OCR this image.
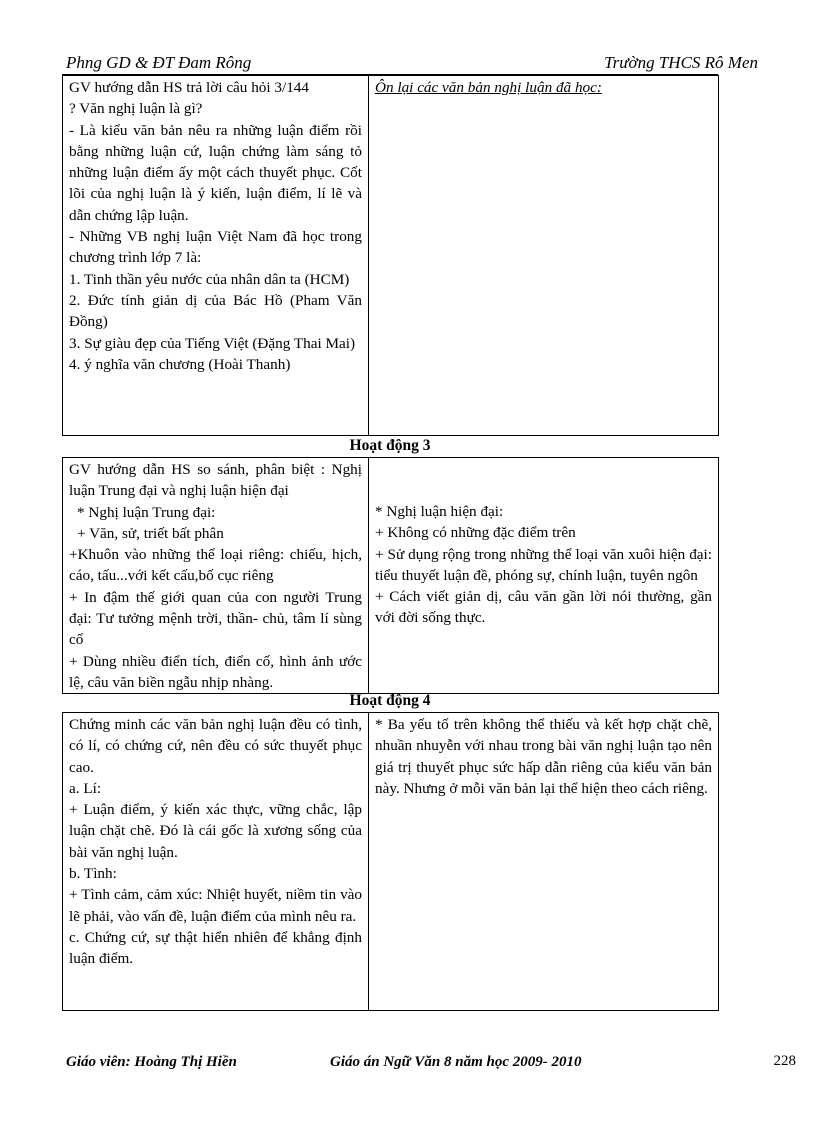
Phng GD & ĐT Đam Rông	Trường THCS Rô Men
GV hướng dẫn HS trả lời câu hỏi 3/144
? Văn nghị luận là gì?
- Là kiểu văn bản nêu ra những luận điểm rồi bằng những luận cứ, luận chứng làm sáng tỏ những luận điểm ấy một cách thuyết phục. Cốt lõi của nghị luận là ý kiến, luận điểm, lí lẽ và dẫn chứng lập luận.
- Những VB nghị luận Việt Nam đã học trong chương trình lớp 7 là:
1. Tinh thần yêu nước của nhân dân ta (HCM)
2. Đức tính giản dị của Bác Hồ (Pham Văn Đồng)
3. Sự giàu đẹp của Tiếng Việt (Đặng Thai Mai)
4. ý nghĩa văn chương (Hoài Thanh)

Ôn lại các văn bản nghị luận đã học:
Hoạt động 3
GV hướng dẫn HS so sánh, phân biệt : Nghị luận Trung đại và nghị luận hiện đại
* Nghị luận Trung đại:
+ Văn, sử, triết bất phân
+Khuôn vào những thể loại riêng: chiếu, hịch, cáo, tấu...với kết cấu,bố cục riêng
+ In đậm thế giới quan của con người Trung đại: Tư tưởng mệnh trời, thần- chủ, tâm lí sùng cổ
+ Dùng nhiều điển tích, điển cố, hình ảnh ước lệ, câu văn biền ngẫu nhịp nhàng.

* Nghị luận hiện đại:
+ Không có những đặc điểm trên
+ Sử dụng rộng trong những thể loại văn xuôi hiện đại: tiểu thuyết luận đề, phóng sự, chính luận, tuyên ngôn
+ Cách viết giản dị, câu văn gần lời nói thường, gần với đời sống thực.
Hoạt động 4
Chứng minh các văn bản nghị luận đều có tình, có lí, có chứng cứ, nên đều có sức thuyết phục cao.
a. Lí:
+ Luận điểm, ý kiến xác thực, vững chắc, lập luận chặt chẽ. Đó là cái gốc là xương sống của bài văn nghị luận.
b. Tình:
+ Tình cảm, cảm xúc: Nhiệt huyết, niềm tin vào lẽ phải, vào vấn đề, luận điểm của mình nêu ra.
c. Chứng cứ, sự thật hiển nhiên để khẳng định luận điểm.

* Ba yếu tố trên không thể thiếu và kết hợp chặt chẽ, nhuần nhuyễn với nhau trong bài văn nghị luận tạo nên giá trị thuyết phục sức hấp dẫn riêng của kiểu văn bản này. Nhưng ở mỗi văn bản lại thể hiện theo cách riêng.
Giáo viên: Hoàng Thị Hiền	Giáo án Ngữ Văn 8 năm học 2009- 2010	228
